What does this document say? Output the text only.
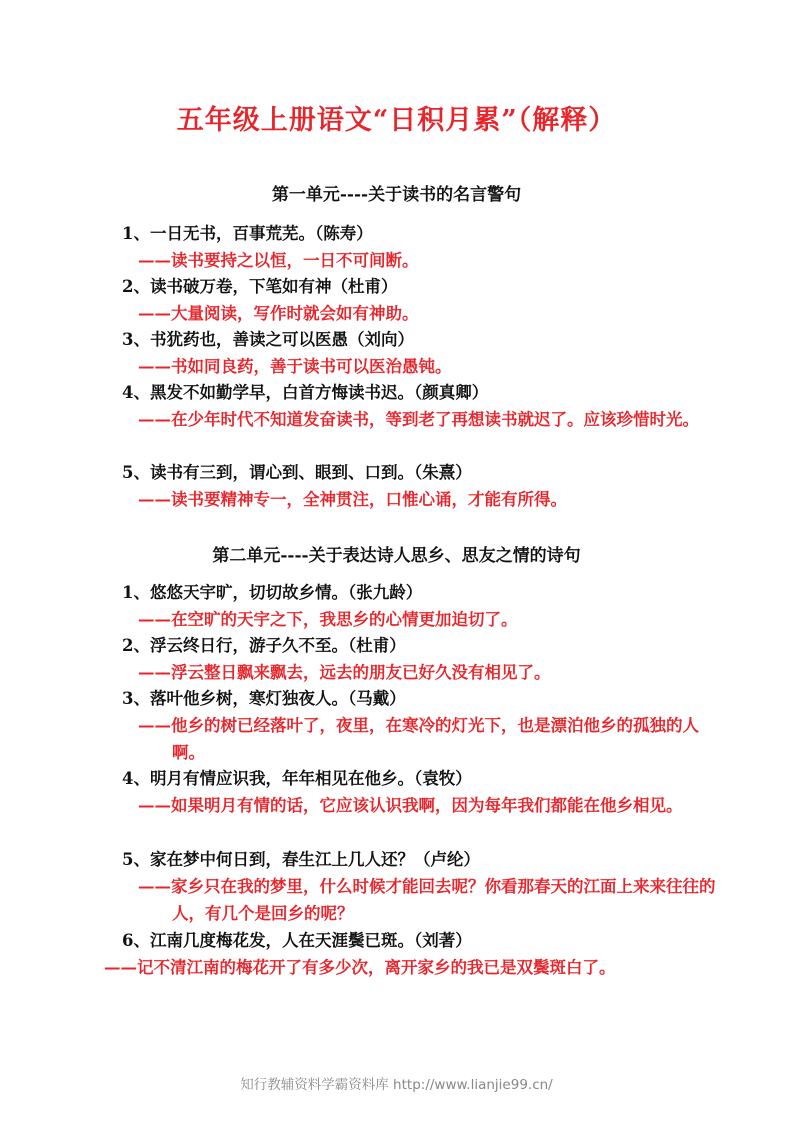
五年级上册语文“日积月累”（解释）
第一单元----关于读书的名言警句
1、一日无书，百事荒芜。（陈寿）
——读书要持之以恒，一日不可间断。
2、读书破万卷，下笔如有神（杜甫）
——大量阅读，写作时就会如有神助。
3、书犹药也，善读之可以医愚（刘向）
——书如同良药，善于读书可以医治愚钝。
4、黑发不如勤学早，白首方悔读书迟。（颜真卿）
——在少年时代不知道发奋读书，等到老了再想读书就迟了。应该珍惜时光。
5、读书有三到，谓心到、眼到、口到。（朱熹）
——读书要精神专一，全神贯注，口惟心诵，才能有所得。
第二单元----关于表达诗人思乡、思友之情的诗句
1、悠悠天宇旷，切切故乡情。（张九龄）
——在空旷的天宇之下，我思乡的心情更加迫切了。
2、浮云终日行，游子久不至。（杜甫）
——浮云整日飘来飘去，远去的朋友已好久没有相见了。
3、落叶他乡树，寒灯独夜人。（马戴）
——他乡的树已经落叶了，夜里，在寒冷的灯光下，也是漂泊他乡的孤独的人啊。
4、明月有情应识我，年年相见在他乡。（袁牧）
——如果明月有情的话，它应该认识我啊，因为每年我们都能在他乡相见。
5、家在梦中何日到，春生江上几人还？（卢纶）
——家乡只在我的梦里，什么时候才能回去呢？你看那春天的江面上来来往往的人，有几个是回乡的呢？
6、江南几度梅花发，人在天涯鬓已斑。（刘著）
——记不清江南的梅花开了有多少次，离开家乡的我已是双鬓斑白了。
知行教辅资料学霸资料库 http://www.lianjie99.cn/
